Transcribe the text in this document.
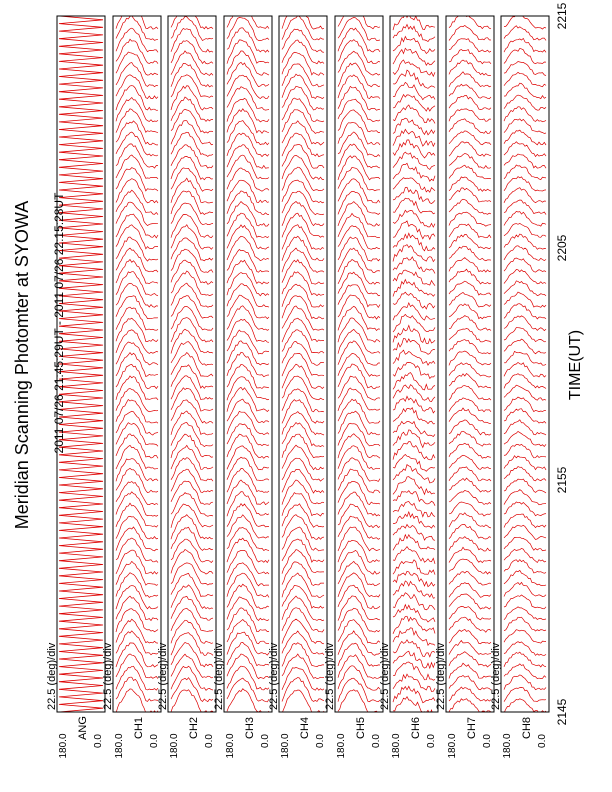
22.5 (deg)/div
ANG
180.0 0.0
22.5 (deg)/div
CH1
180.0 0.0
22.5 (deg)/div
CH2
180.0 0.0
22.5 (deg)/div
CH3
180.0 0.0
22.5 (deg)/div
CH4
180.0 0.0
22.5 (deg)/div
CH5
180.0 0.0
22.5 (deg)/div
CH6
180.0 0.0
22.5 (deg)/div
CH7
180.0 0.0
22.5 (deg)/div
CH8
180.0 0.0
Meridian Scanning Photomter at SYOWA 2011 07/26 21:45:29UT - 2011 07/26 22:15:28UT	TIME(UT)
2145
2155
2205
2215
